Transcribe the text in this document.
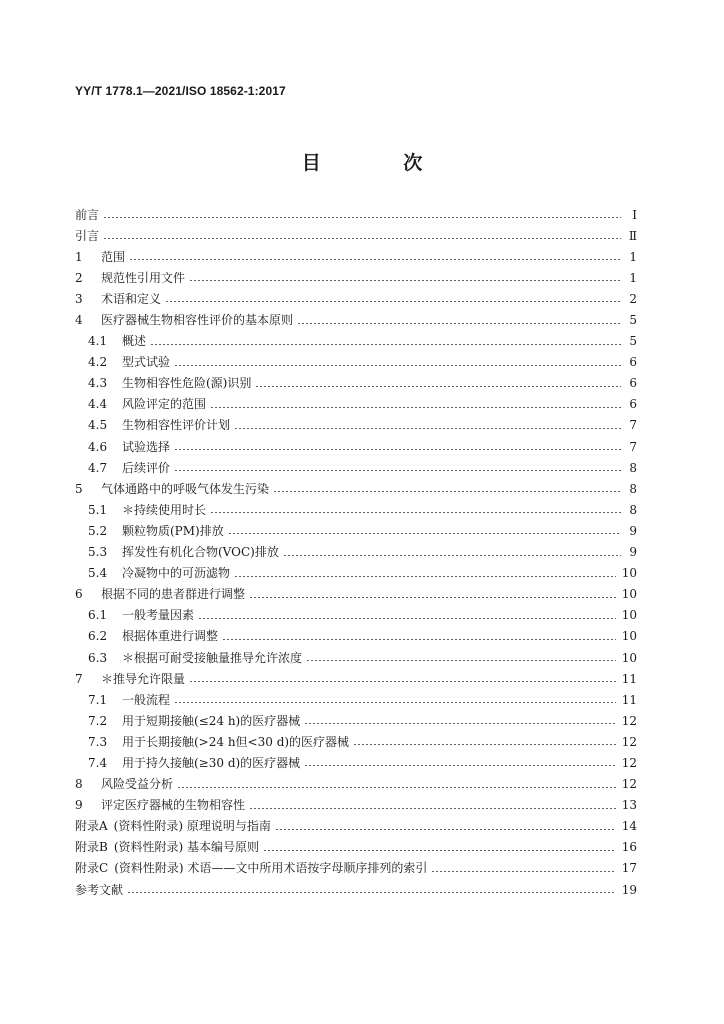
YY/T 1778.1—2021/ISO 18562-1:2017
目 次
前言	Ⅰ
引言	Ⅱ
1	范围	1
2	规范性引用文件	1
3	术语和定义	2
4	医疗器械生物相容性评价的基本原则	5
4.1	概述	5
4.2	型式试验	6
4.3	生物相容性危险(源)识别	6
4.4	风险评定的范围	6
4.5	生物相容性评价计划	7
4.6	试验选择	7
4.7	后续评价	8
5	气体通路中的呼吸气体发生污染	8
5.1	＊持续使用时长	8
5.2	颗粒物质(PM)排放	9
5.3	挥发性有机化合物(VOC)排放	9
5.4	冷凝物中的可沥滤物	10
6	根据不同的患者群进行调整	10
6.1	一般考量因素	10
6.2	根据体重进行调整	10
6.3	＊根据可耐受接触量推导允许浓度	10
7	＊推导允许限量	11
7.1	一般流程	11
7.2	用于短期接触(≤24 h)的医疗器械	12
7.3	用于长期接触(>24 h但<30 d)的医疗器械	12
7.4	用于持久接触(≥30 d)的医疗器械	12
8	风险受益分析	12
9	评定医疗器械的生物相容性	13
附录A (资料性附录) 原理说明与指南	14
附录B (资料性附录) 基本编号原则	16
附录C (资料性附录) 术语——文中所用术语按字母顺序排列的索引	17
参考文献	19
